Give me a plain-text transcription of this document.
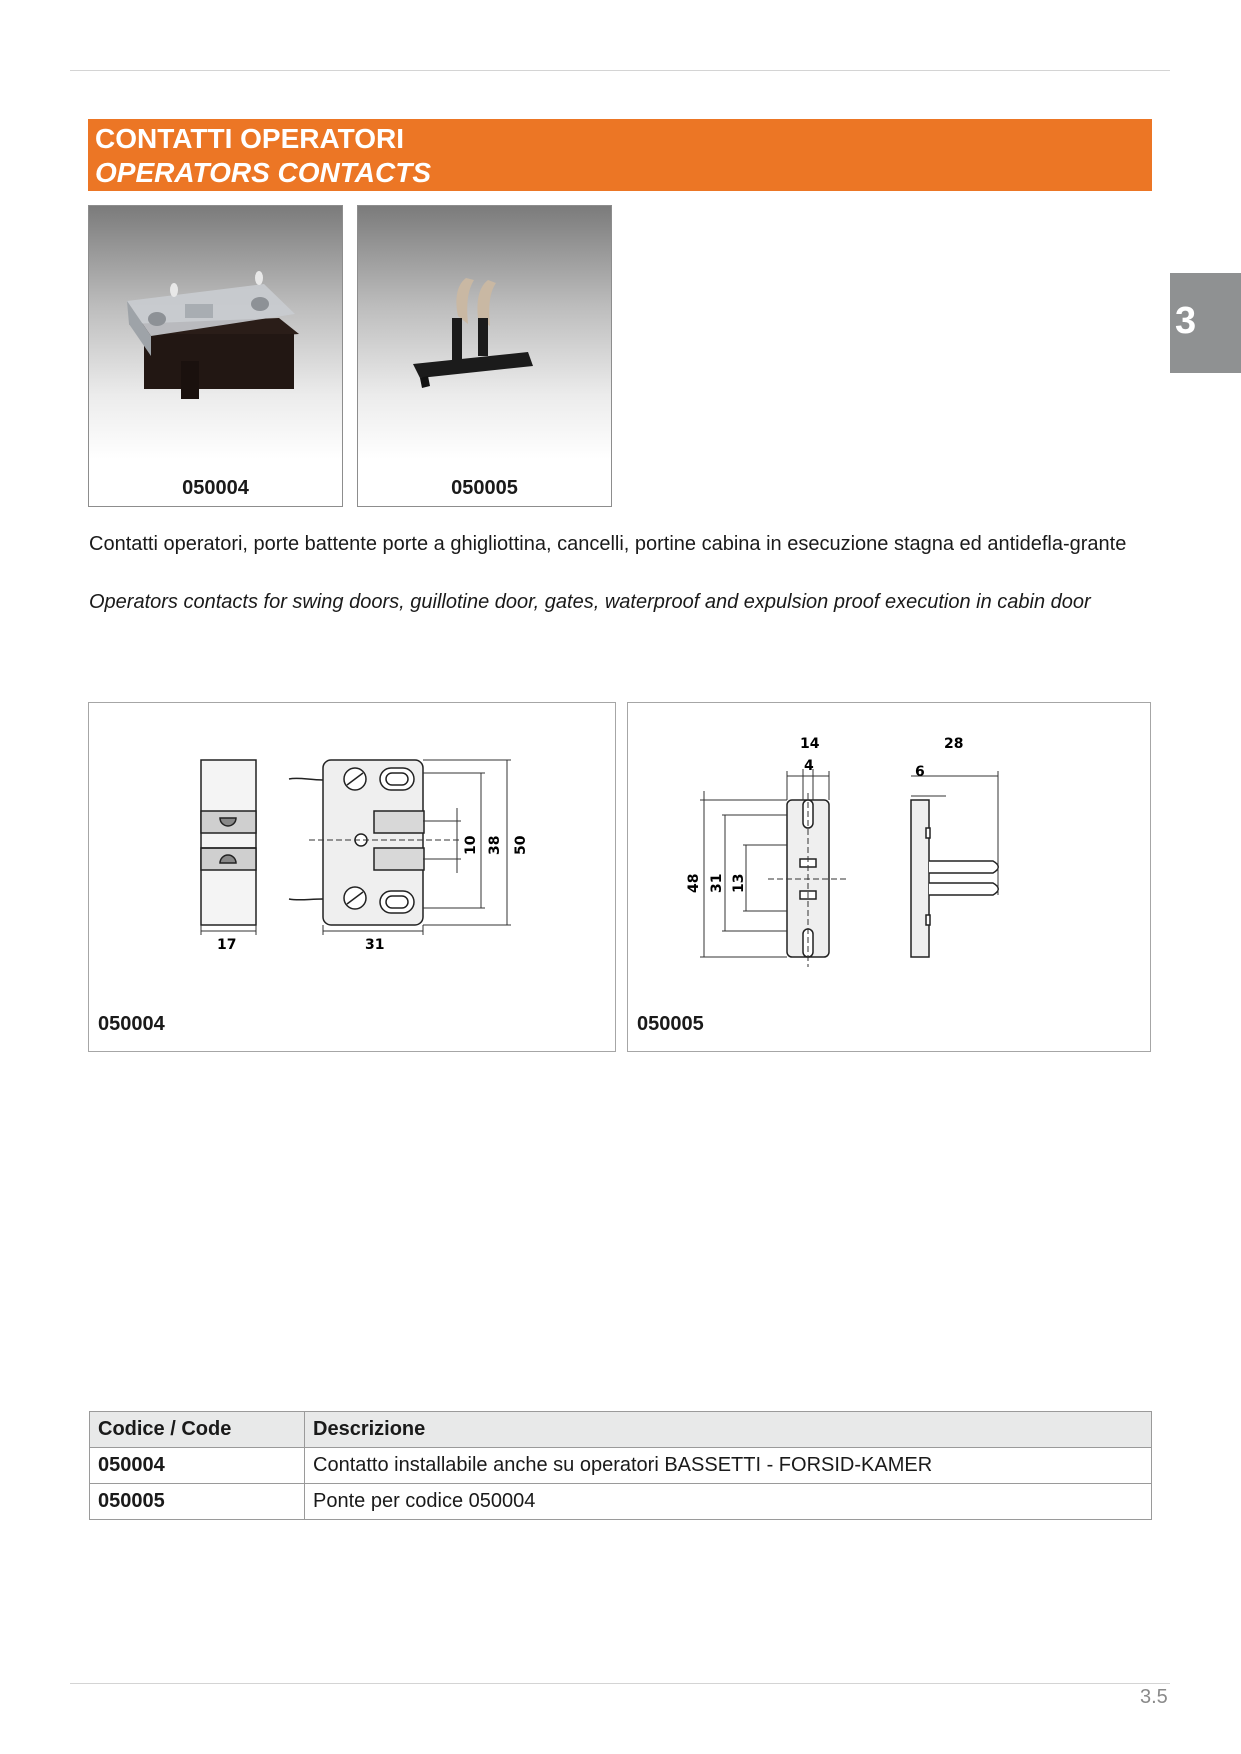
CONTATTI OPERATORI
OPERATORS CONTACTS
3
050004	050005
Contatti operatori, porte battente porte a ghigliottina, cancelli, portine cabina in esecuzione stagna ed antidefla-grante
Operators contacts for swing doors, guillotine door, gates, waterproof and expulsion proof execution in cabin door
17	31
10 38 50
050004
14
4	6
28
48 31 13
050005
Codice / Code	Descrizione
050004	Contatto installabile anche su operatori BASSETTI - FORSID-KAMER
050005	Ponte per codice 050004
3.5
